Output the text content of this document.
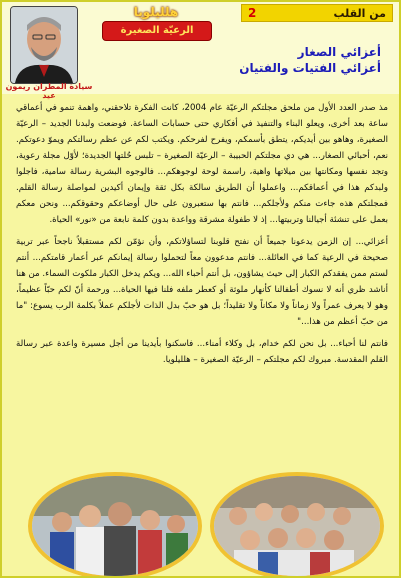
من القلب
2
سيادة المطران ريمون عيد
هلليلويا
الرعيّة الصغيرة
أعزائي الصغار
أعزائي الفتيات والفتيان

مذ صدر العدد الأول من ملحق مجلتكم الرعيّة عام 2004، كانت الفكرة تلاحقني، واهمة تنمو في أعماقي ساعة بعد أخرى، ويعلو البناء والتنفيذ في أفكاري حتى حسابات الساعة. فوضعت ولبدنا الجديد – الرعيّة الصغيرة، وهاهو بين أيديكم، يتطق بأسمكم، ويفرح لفرحكم. ويكتب لكم عن عظم رسالتكم ويموّ دعوتكم. نعم، أحبائي الصغار... هي دي مجلتكم الحبيبة – الرعيّة الصغيرة – تلبس حُلتها الجديدة؛ لأوّل مجلة رعوية، وتجد نفسها ومكانتها بين ميلاتها واهية، راسمة لوحة لوجوهكم... فالوجوه البشرية رسالة سامية، فاجلوا ولبدكم هذا في أعماقكم... واعملوا أن الطريق سالكة بكل ثقة وإيمان أكيدين لمواصلة رسالة القلم. فمجلتكم هذه جاءت منكم ولأجلكم... فانتم بها ستعبرون على حال أوضاعكم وحقوقكم... ونحن معكم بعمل على تنشئة أجيالنا وتربيتها... إذ لا طفولة مشرقة وواعدة بدون كلمة نابعة من «نور» الحياة.

أعزائي... إن الزمن يدعونا جميعاً أن نفتح قلوبنا لتساؤلاتكم، وأن نؤمّن لكم مستقبلاً ناجحاً عبر تربية صحيحة في الرعية كما في العائلة... فانتم مدعوون معاً لتحملوا رسالة إيمانكم عبر أعمار قامتكم... أنتم لستم ممن يفقدكم الكبار إلى حيث يشاؤون، بل أنتم أحباء الله... ويكم يدخل الكبار ملكوت السماء. من هنا أناشد ظري أنه لا نسوك أطفالنا كأنهار ملوثة أو كعطر ملفه فلنا فيها الحياة... ورحمة أنّ لكم حبّاً عظيماً، وهو لا يعرف عمراً ولا زماناً ولا مكاناً ولا تقليداً؛ بل هو حبّ بدل الذات لأجلكم عملاً بكلمة الرب يسوع: "ما من حبّ أعظم من هذا..."

فانتم لنا أحباء... بل نحن لكم خدام، بل وكلاء أمناء... فاسكنوا بأيدينا من أجل مسيرة واعدة عبر رسالة القلم المقدسة. مبروك لكم مجلتكم – الرعيّة الصغيرة – هلليلويا.
